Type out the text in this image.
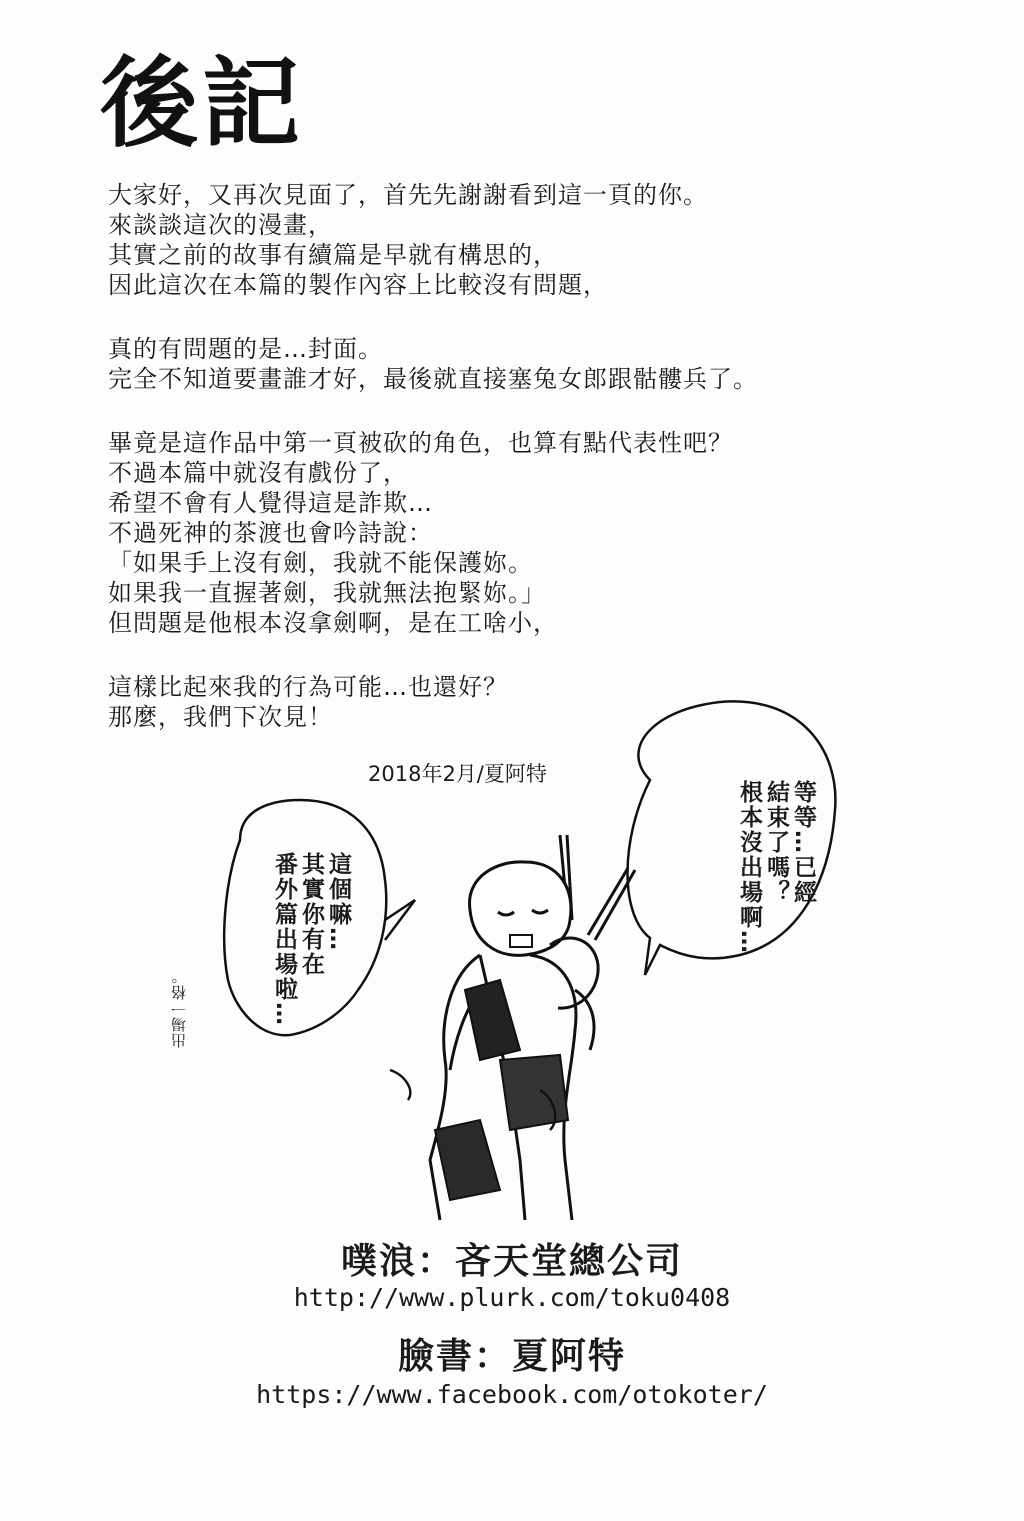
後記
大家好，又再次見面了，首先先謝謝看到這一頁的你。
來談談這次的漫畫，
其實之前的故事有續篇是早就有構思的，
因此這次在本篇的製作內容上比較沒有問題，
真的有問題的是…封面。
完全不知道要畫誰才好，最後就直接塞兔女郎跟骷髏兵了。
畢竟是這作品中第一頁被砍的角色，也算有點代表性吧？
不過本篇中就沒有戲份了，
希望不會有人覺得這是詐欺…
不過死神的茶渡也會吟詩說：
「如果手上沒有劍，我就不能保護妳。
如果我一直握著劍，我就無法抱緊妳。」
但問題是他根本沒拿劍啊，是在工啥小，
這樣比起來我的行為可能…也還好？
那麼，我們下次見！
2018年2月/夏阿特
等等…已經
結束了嗎？
根本沒出場啊…
這個嘛…
其實你有在
番外篇出場啦…
出場一格。
噗浪：吝天堂總公司
http://www.plurk.com/toku0408
臉書：夏阿特
https://www.facebook.com/otokoter/
